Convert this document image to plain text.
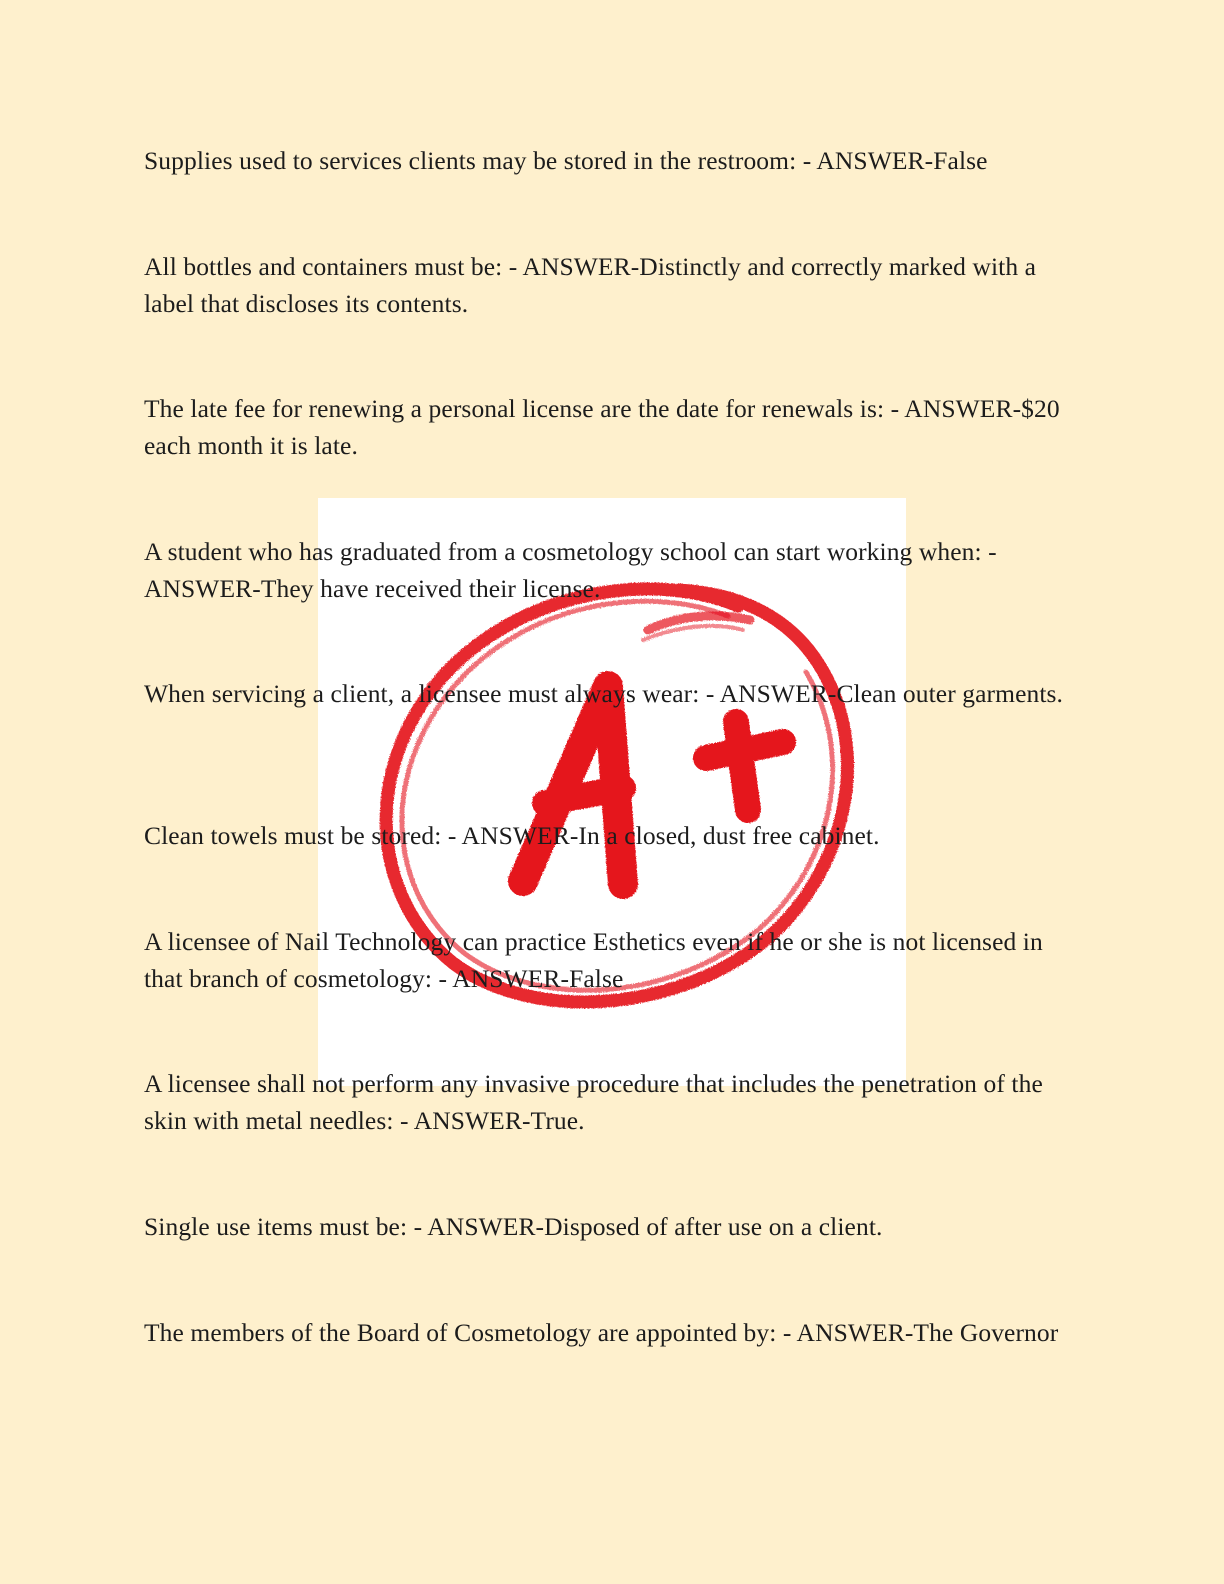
Supplies used to services clients may be stored in the restroom: - ANSWER-False

All bottles and containers must be: - ANSWER-Distinctly and correctly marked with a label that discloses its contents.

The late fee for renewing a personal license are the date for renewals is: - ANSWER-$20 each month it is late.

A student who has graduated from a cosmetology school can start working when: - ANSWER-They have received their license.

When servicing a client, a licensee must always wear: - ANSWER-Clean outer garments.

Clean towels must be stored: - ANSWER-In a closed, dust free cabinet.

A licensee of Nail Technology can practice Esthetics even if he or she is not licensed in that branch of cosmetology: - ANSWER-False

A licensee shall not perform any invasive procedure that includes the penetration of the skin with metal needles: - ANSWER-True.

Single use items must be: - ANSWER-Disposed of after use on a client.

The members of the Board of Cosmetology are appointed by: - ANSWER-The Governor
